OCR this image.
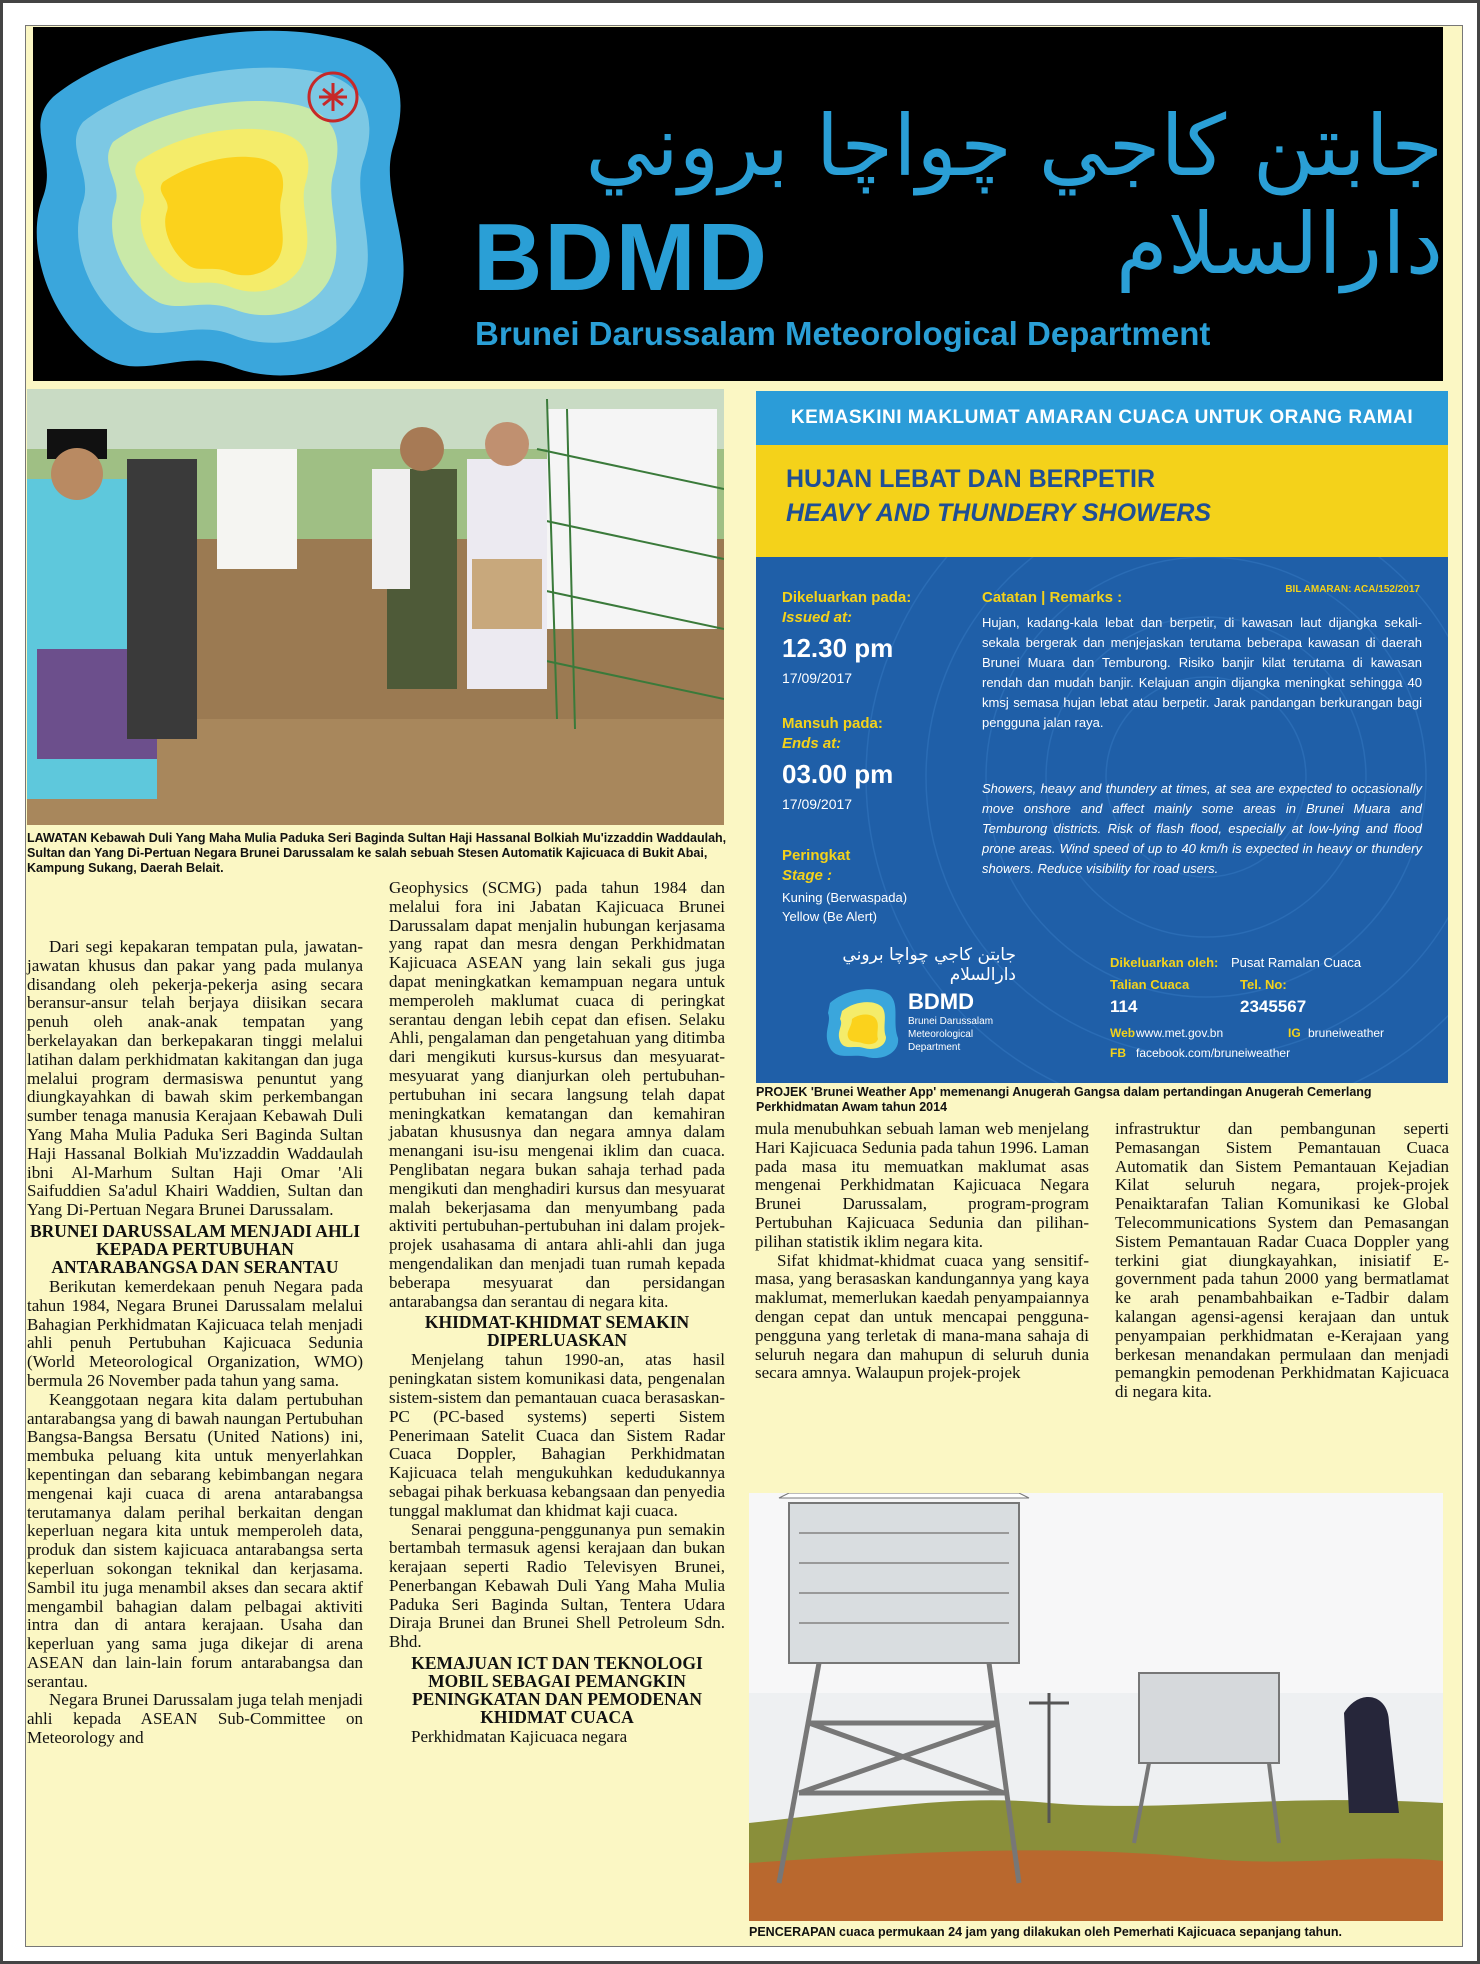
جابتن كاجي چواچا بروني دارالسلام
BDMD
Brunei Darussalam Meteorological Department
LAWATAN Kebawah Duli Yang Maha Mulia Paduka Seri Baginda Sultan Haji Hassanal Bolkiah Mu'izzaddin Waddaulah, Sultan dan Yang Di-Pertuan Negara Brunei Darussalam ke salah sebuah Stesen Automatik Kajicuaca di Bukit Abai, Kampung Sukang, Daerah Belait.
KEMASKINI MAKLUMAT AMARAN CUACA UNTUK ORANG RAMAI
HUJAN LEBAT DAN BERPETIR
HEAVY AND THUNDERY SHOWERS
BIL AMARAN: ACA/152/2017
Dikeluarkan pada:
Issued at:
12.30 pm
17/09/2017
Mansuh pada:
Ends at:
03.00 pm
17/09/2017
Peringkat
Stage :
Kuning (Berwaspada)
Yellow (Be Alert)
Catatan | Remarks :
Hujan, kadang-kala lebat dan berpetir, di kawasan laut dijangka sekali-sekala bergerak dan menjejaskan terutama beberapa kawasan di daerah Brunei Muara dan Temburong. Risiko banjir kilat terutama di kawasan rendah dan mudah banjir. Kelajuan angin dijangka meningkat sehingga 40 kmsj semasa hujan lebat atau berpetir. Jarak pandangan berkurangan bagi pengguna jalan raya.
Showers, heavy and thundery at times, at sea are expected to occasionally move onshore and affect mainly some areas in Brunei Muara and Temburong districts. Risk of flash flood, especially at low-lying and flood prone areas. Wind speed of up to 40 km/h is expected in heavy or thundery showers. Reduce visibility for road users.
جابتن كاجي چواچا بروني دارالسلام
BDMD
Brunei Darussalam
Meteorological
Department
Dikeluarkan oleh: Pusat Ramalan Cuaca
Talian Cuaca
114
Tel. No:
2345567
Web www.met.gov.bn	IG bruneiweather
FB facebook.com/bruneiweather
PROJEK 'Brunei Weather App' memenangi Anugerah Gangsa dalam pertandingan Anugerah Cemerlang Perkhidmatan Awam tahun 2014

Dari segi kepakaran tempatan pula, jawatan-jawatan khusus dan pakar yang pada mulanya disandang oleh pekerja-pekerja asing secara beransur-ansur telah berjaya diisikan secara penuh oleh anak-anak tempatan yang berkelayakan dan berkepakaran tinggi melalui latihan dalam perkhidmatan kakitangan dan juga melalui program dermasiswa penuntut yang diungkayahkan di bawah skim perkembangan sumber tenaga manusia Kerajaan Kebawah Duli Yang Maha Mulia Paduka Seri Baginda Sultan Haji Hassanal Bolkiah Mu'izzaddin Waddaulah ibni Al-Marhum Sultan Haji Omar 'Ali Saifuddien Sa'adul Khairi Waddien, Sultan dan Yang Di-Pertuan Negara Brunei Darussalam.

BRUNEI DARUSSALAM MENJADI AHLI KEPADA PERTUBUHAN ANTARABANGSA DAN SERANTAU

Berikutan kemerdekaan penuh Negara pada tahun 1984, Negara Brunei Darussalam melalui Bahagian Perkhidmatan Kajicuaca telah menjadi ahli penuh Pertubuhan Kajicuaca Sedunia (World Meteorological Organization, WMO) bermula 26 November pada tahun yang sama.

Keanggotaan negara kita dalam pertubuhan antarabangsa yang di bawah naungan Pertubuhan Bangsa-Bangsa Bersatu (United Nations) ini, membuka peluang kita untuk menyerlahkan kepentingan dan sebarang kebimbangan negara mengenai kaji cuaca di arena antarabangsa terutamanya dalam perihal berkaitan dengan keperluan negara kita untuk memperoleh data, produk dan sistem kajicuaca antarabangsa serta keperluan sokongan teknikal dan kerjasama. Sambil itu juga menambil akses dan secara aktif mengambil bahagian dalam pelbagai aktiviti intra dan di antara kerajaan. Usaha dan keperluan yang sama juga dikejar di arena ASEAN dan lain-lain forum antarabangsa dan serantau.

Negara Brunei Darussalam juga telah menjadi ahli kepada ASEAN Sub-Committee on Meteorology and

Geophysics (SCMG) pada tahun 1984 dan melalui fora ini Jabatan Kajicuaca Brunei Darussalam dapat menjalin hubungan kerjasama yang rapat dan mesra dengan Perkhidmatan Kajicuaca ASEAN yang lain sekali gus juga dapat meningkatkan kemampuan negara untuk memperoleh maklumat cuaca di peringkat serantau dengan lebih cepat dan efisen. Selaku Ahli, pengalaman dan pengetahuan yang ditimba dari mengikuti kursus-kursus dan mesyuarat-mesyuarat yang dianjurkan oleh pertubuhan-pertubuhan ini secara langsung telah dapat meningkatkan kematangan dan kemahiran jabatan khususnya dan negara amnya dalam menangani isu-isu mengenai iklim dan cuaca. Penglibatan negara bukan sahaja terhad pada mengikuti dan menghadiri kursus dan mesyuarat malah bekerjasama dan menyumbang pada aktiviti pertubuhan-pertubuhan ini dalam projek-projek usahasama di antara ahli-ahli dan juga mengendalikan dan menjadi tuan rumah kepada beberapa mesyuarat dan persidangan antarabangsa dan serantau di negara kita.

KHIDMAT-KHIDMAT SEMAKIN DIPERLUASKAN

Menjelang tahun 1990-an, atas hasil peningkatan sistem komunikasi data, pengenalan sistem-sistem dan pemantauan cuaca berasaskan-PC (PC-based systems) seperti Sistem Penerimaan Satelit Cuaca dan Sistem Radar Cuaca Doppler, Bahagian Perkhidmatan Kajicuaca telah mengukuhkan kedudukannya sebagai pihak berkuasa kebangsaan dan penyedia tunggal maklumat dan khidmat kaji cuaca.

Senarai pengguna-penggunanya pun semakin bertambah termasuk agensi kerajaan dan bukan kerajaan seperti Radio Televisyen Brunei, Penerbangan Kebawah Duli Yang Maha Mulia Paduka Seri Baginda Sultan, Tentera Udara Diraja Brunei dan Brunei Shell Petroleum Sdn. Bhd.

KEMAJUAN ICT DAN TEKNOLOGI MOBIL SEBAGAI PEMANGKIN PENINGKATAN DAN PEMODENAN KHIDMAT CUACA

Perkhidmatan Kajicuaca negara

mula menubuhkan sebuah laman web menjelang Hari Kajicuaca Sedunia pada tahun 1996. Laman pada masa itu memuatkan maklumat asas mengenai Perkhidmatan Kajicuaca Negara Brunei Darussalam, program-program Pertubuhan Kajicuaca Sedunia dan pilihan-pilihan statistik iklim negara kita.

Sifat khidmat-khidmat cuaca yang sensitif-masa, yang berasaskan kandungannya yang kaya maklumat, memerlukan kaedah penyampaiannya dengan cepat dan untuk mencapai pengguna-pengguna yang terletak di mana-mana sahaja di seluruh negara dan mahupun di seluruh dunia secara amnya. Walaupun projek-projek

infrastruktur dan pembangunan seperti Pemasangan Sistem Pemantauan Cuaca Automatik dan Sistem Pemantauan Kejadian Kilat seluruh negara, projek-projek Penaiktarafan Talian Komunikasi ke Global Telecommunications System dan Pemasangan Sistem Pemantauan Radar Cuaca Doppler yang terkini giat diungkayahkan, inisiatif E-government pada tahun 2000 yang bermatlamat ke arah penambahbaikan e-Tadbir dalam kalangan agensi-agensi kerajaan dan untuk penyampaian perkhidmatan e-Kerajaan yang berkesan menandakan permulaan dan menjadi pemangkin pemodenan Perkhidmatan Kajicuaca di negara kita.

PENCERAPAN cuaca permukaan 24 jam yang dilakukan oleh Pemerhati Kajicuaca sepanjang tahun.
